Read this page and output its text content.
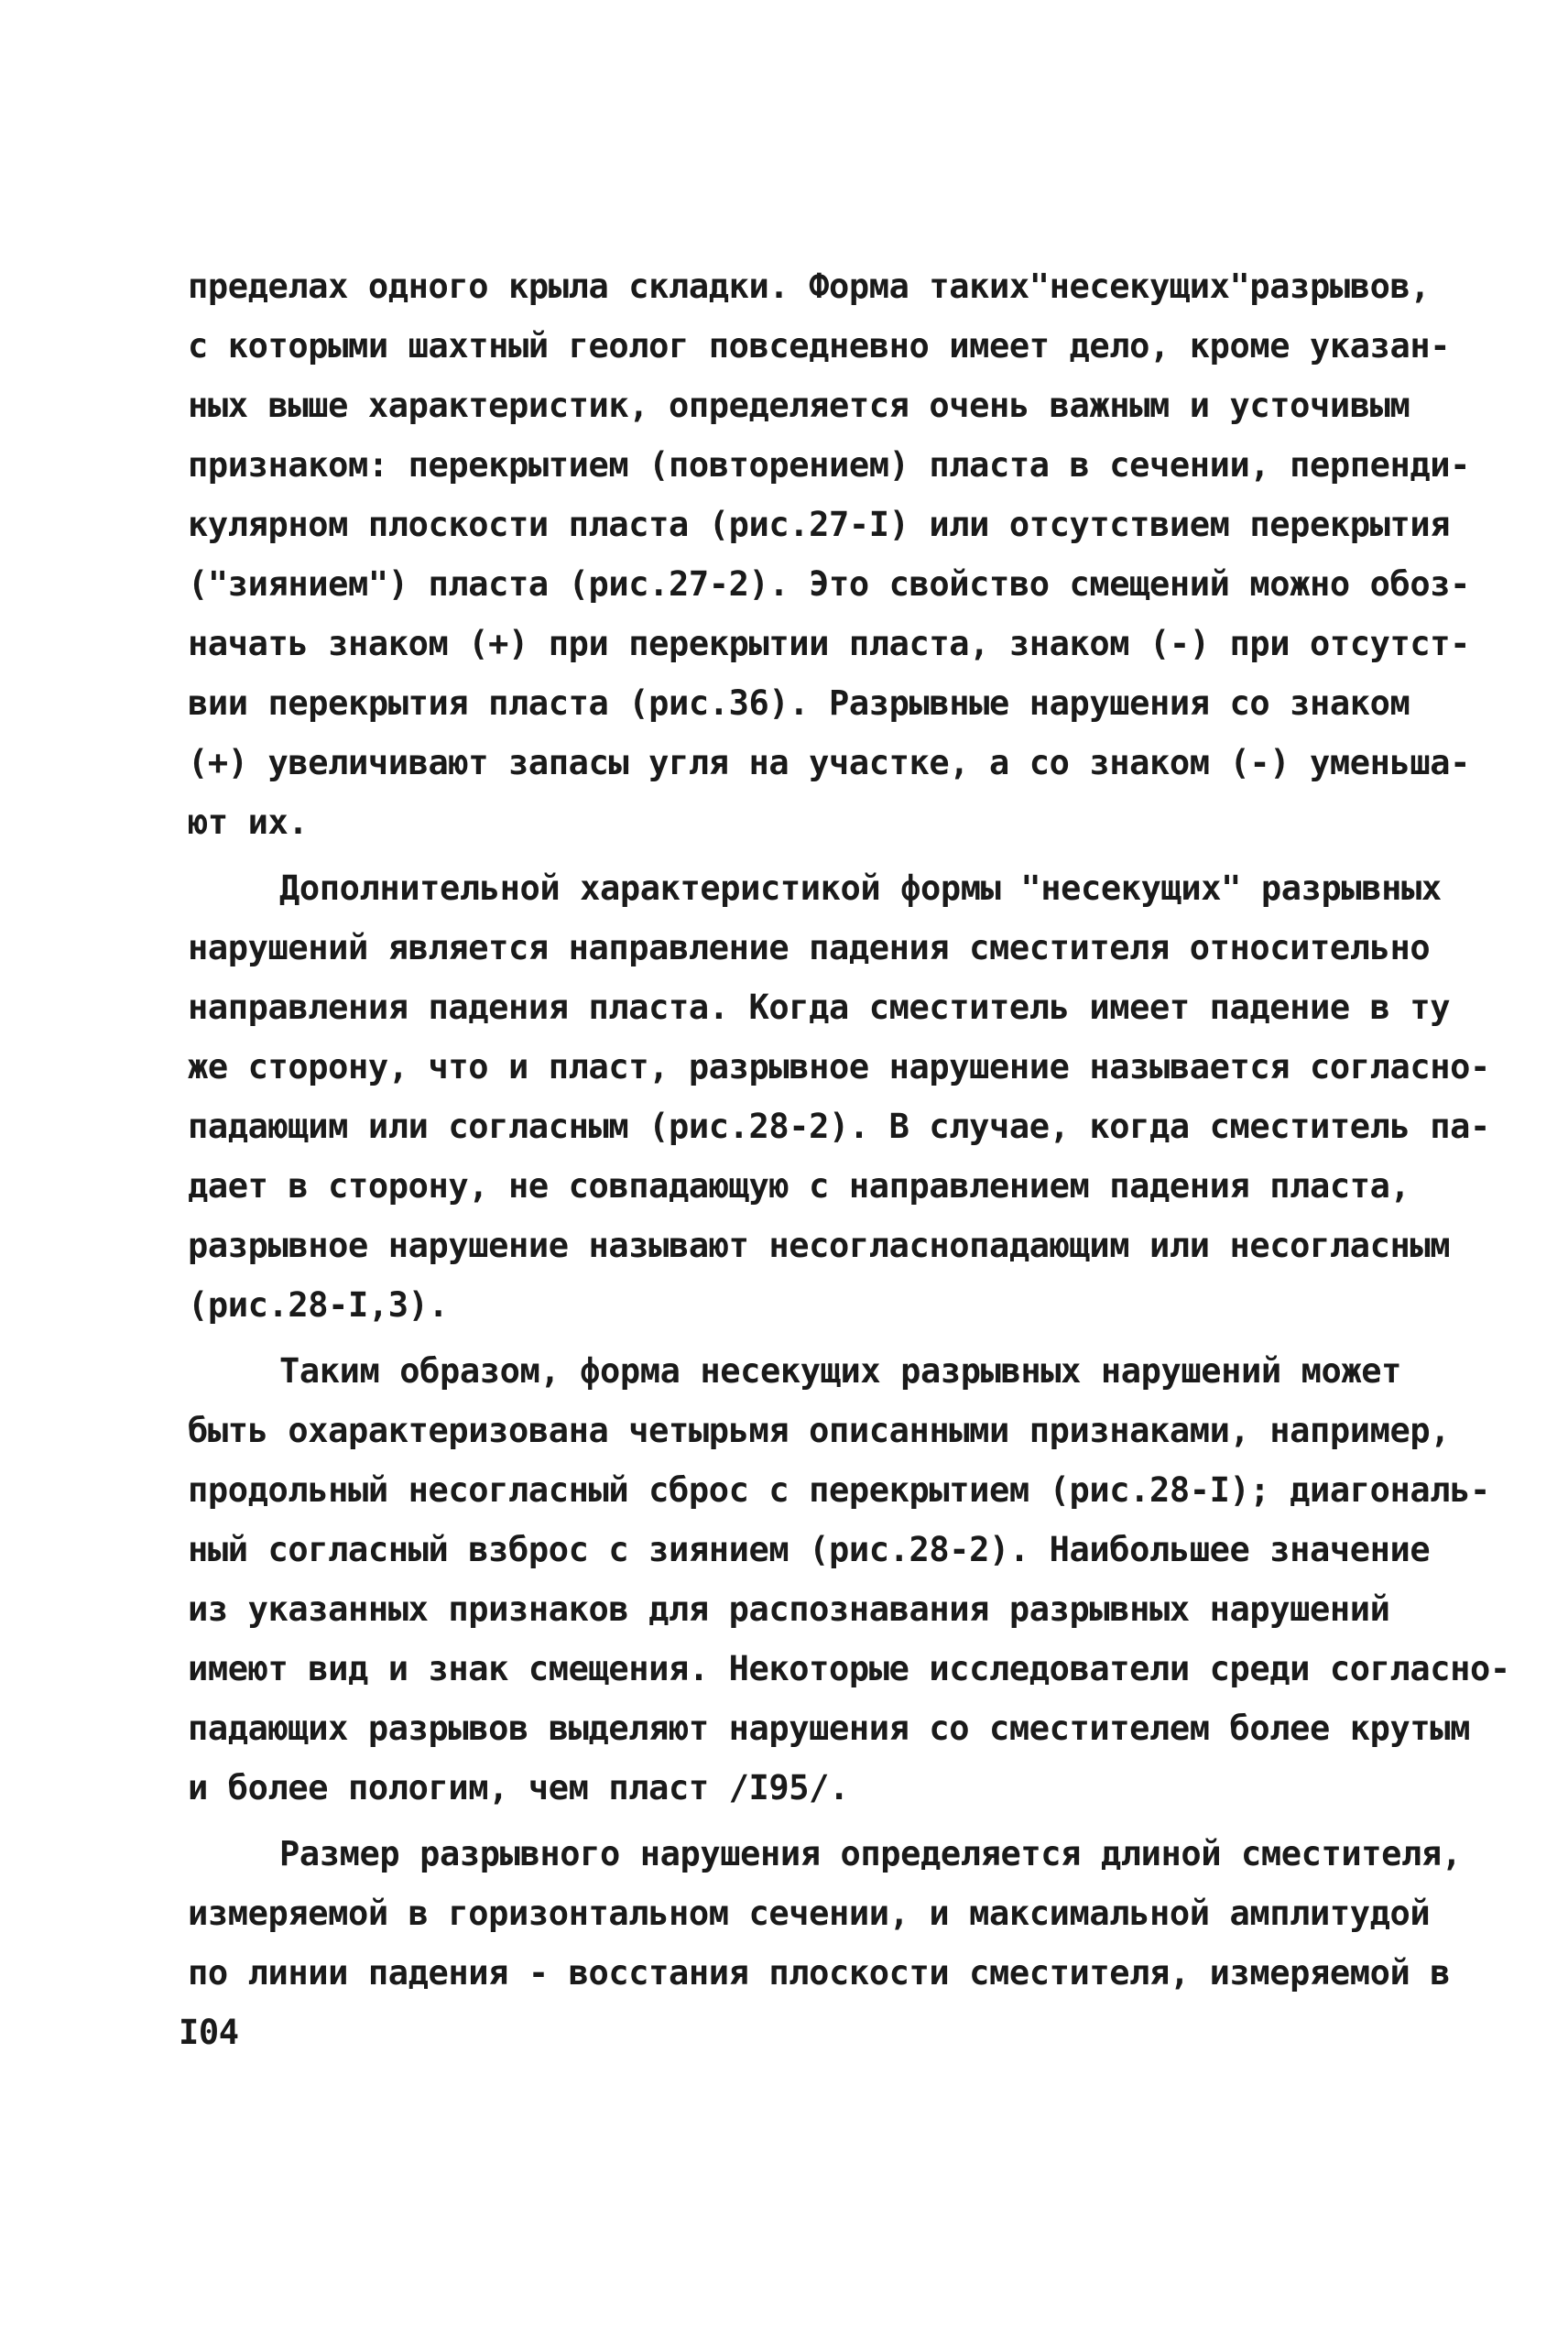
пределах одного крыла складки. Форма таких"несекущих"разрывов,
с которыми шахтный геолог повседневно имеет дело, кроме указан-
ных выше характеристик, определяется очень важным и усточивым
признаком: перекрытием (повторением) пласта в сечении, перпенди-
кулярном плоскости пласта (рис.27-I) или отсутствием перекрытия
("зиянием") пласта (рис.27-2). Это свойство смещений можно обоз-
начать знаком (+) при перекрытии пласта, знаком (-) при отсутст-
вии перекрытия пласта (рис.36). Разрывные нарушения со знаком
(+) увеличивают запасы угля на участке, а со знаком (-) уменьша-
ют их.
Дополнительной характеристикой формы "несекущих" разрывных
нарушений является направление падения сместителя относительно
направления падения пласта. Когда сместитель имеет падение в ту
же сторону, что и пласт, разрывное нарушение называется согласно-
падающим или согласным (рис.28-2). В случае, когда сместитель па-
дает в сторону, не совпадающую с направлением падения пласта,
разрывное нарушение называют несогласнопадающим или несогласным
(рис.28-I,3).
Таким образом, форма несекущих разрывных нарушений может
быть охарактеризована четырьмя описанными признаками, например,
продольный несогласный сброс с перекрытием (рис.28-I); диагональ-
ный согласный взброс с зиянием (рис.28-2). Наибольшее значение
из указанных признаков для распознавания разрывных нарушений
имеют вид и знак смещения. Некоторые исследователи среди согласно-
падающих разрывов выделяют нарушения со сместителем более крутым
и более пологим, чем пласт /I95/.
Размер разрывного нарушения определяется длиной сместителя,
измеряемой в горизонтальном сечении, и максимальной амплитудой
по линии падения - восстания плоскости сместителя, измеряемой в
I04
